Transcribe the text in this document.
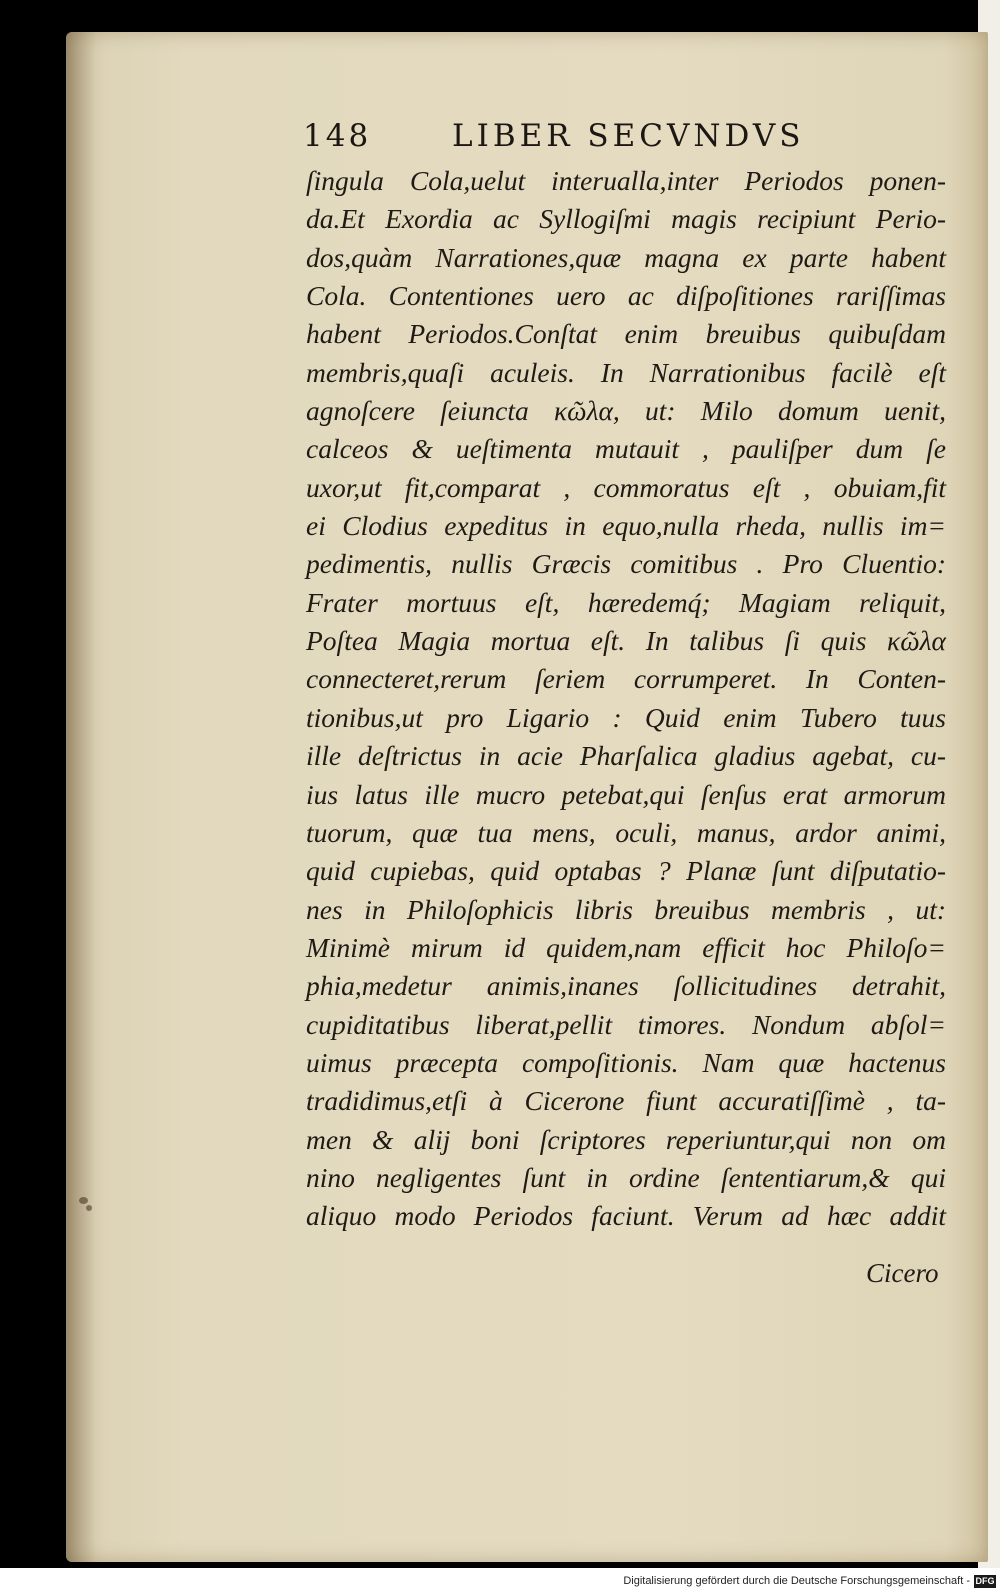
148	LIBER SECVNDVS
ſingula Cola,uelut interualla,inter Periodos ponen-
da.Et Exordia ac Syllogiſmi magis recipiunt Perio-
dos,quàm Narrationes,quæ magna ex parte habent
Cola. Contentiones uero ac diſpoſitiones rariſſimas
habent Periodos.Conſtat enim breuibus quibuſdam
membris,quaſi aculeis. In Narrationibus facilè eſt
agnoſcere ſeiuncta κῶλα, ut: Milo domum uenit,
calceos & ueſtimenta mutauit , pauliſper dum ſe
uxor,ut fit,comparat , commoratus eſt , obuiam,fit
ei Clodius expeditus in equo,nulla rheda, nullis im=
pedimentis, nullis Græcis comitibus . Pro Cluentio:
Frater mortuus eſt, hæredemq́; Magiam reliquit,
Poſtea Magia mortua eſt. In talibus ſi quis κῶλα
connecteret,rerum ſeriem corrumperet. In Conten-
tionibus,ut pro Ligario : Quid enim Tubero tuus
ille deſtrictus in acie Pharſalica gladius agebat, cu-
ius latus ille mucro petebat,qui ſenſus erat armorum
tuorum, quæ tua mens, oculi, manus, ardor animi,
quid cupiebas, quid optabas ? Planæ ſunt diſputatio-
nes in Philoſophicis libris breuibus membris , ut:
Minimè mirum id quidem,nam efficit hoc Philoſo=
phia,medetur animis,inanes ſollicitudines detrahit,
cupiditatibus liberat,pellit timores. Nondum abſol=
uimus præcepta compoſitionis. Nam quæ hactenus
tradidimus,etſi à Cicerone fiunt accuratiſſimè , ta-
men & alij boni ſcriptores reperiuntur,qui non om
nino negligentes ſunt in ordine ſententiarum,& qui
aliquo modo Periodos faciunt. Verum ad hæc addit
Cicero
Digitalisierung gefördert durch die Deutsche Forschungsgemeinschaft - DFG
